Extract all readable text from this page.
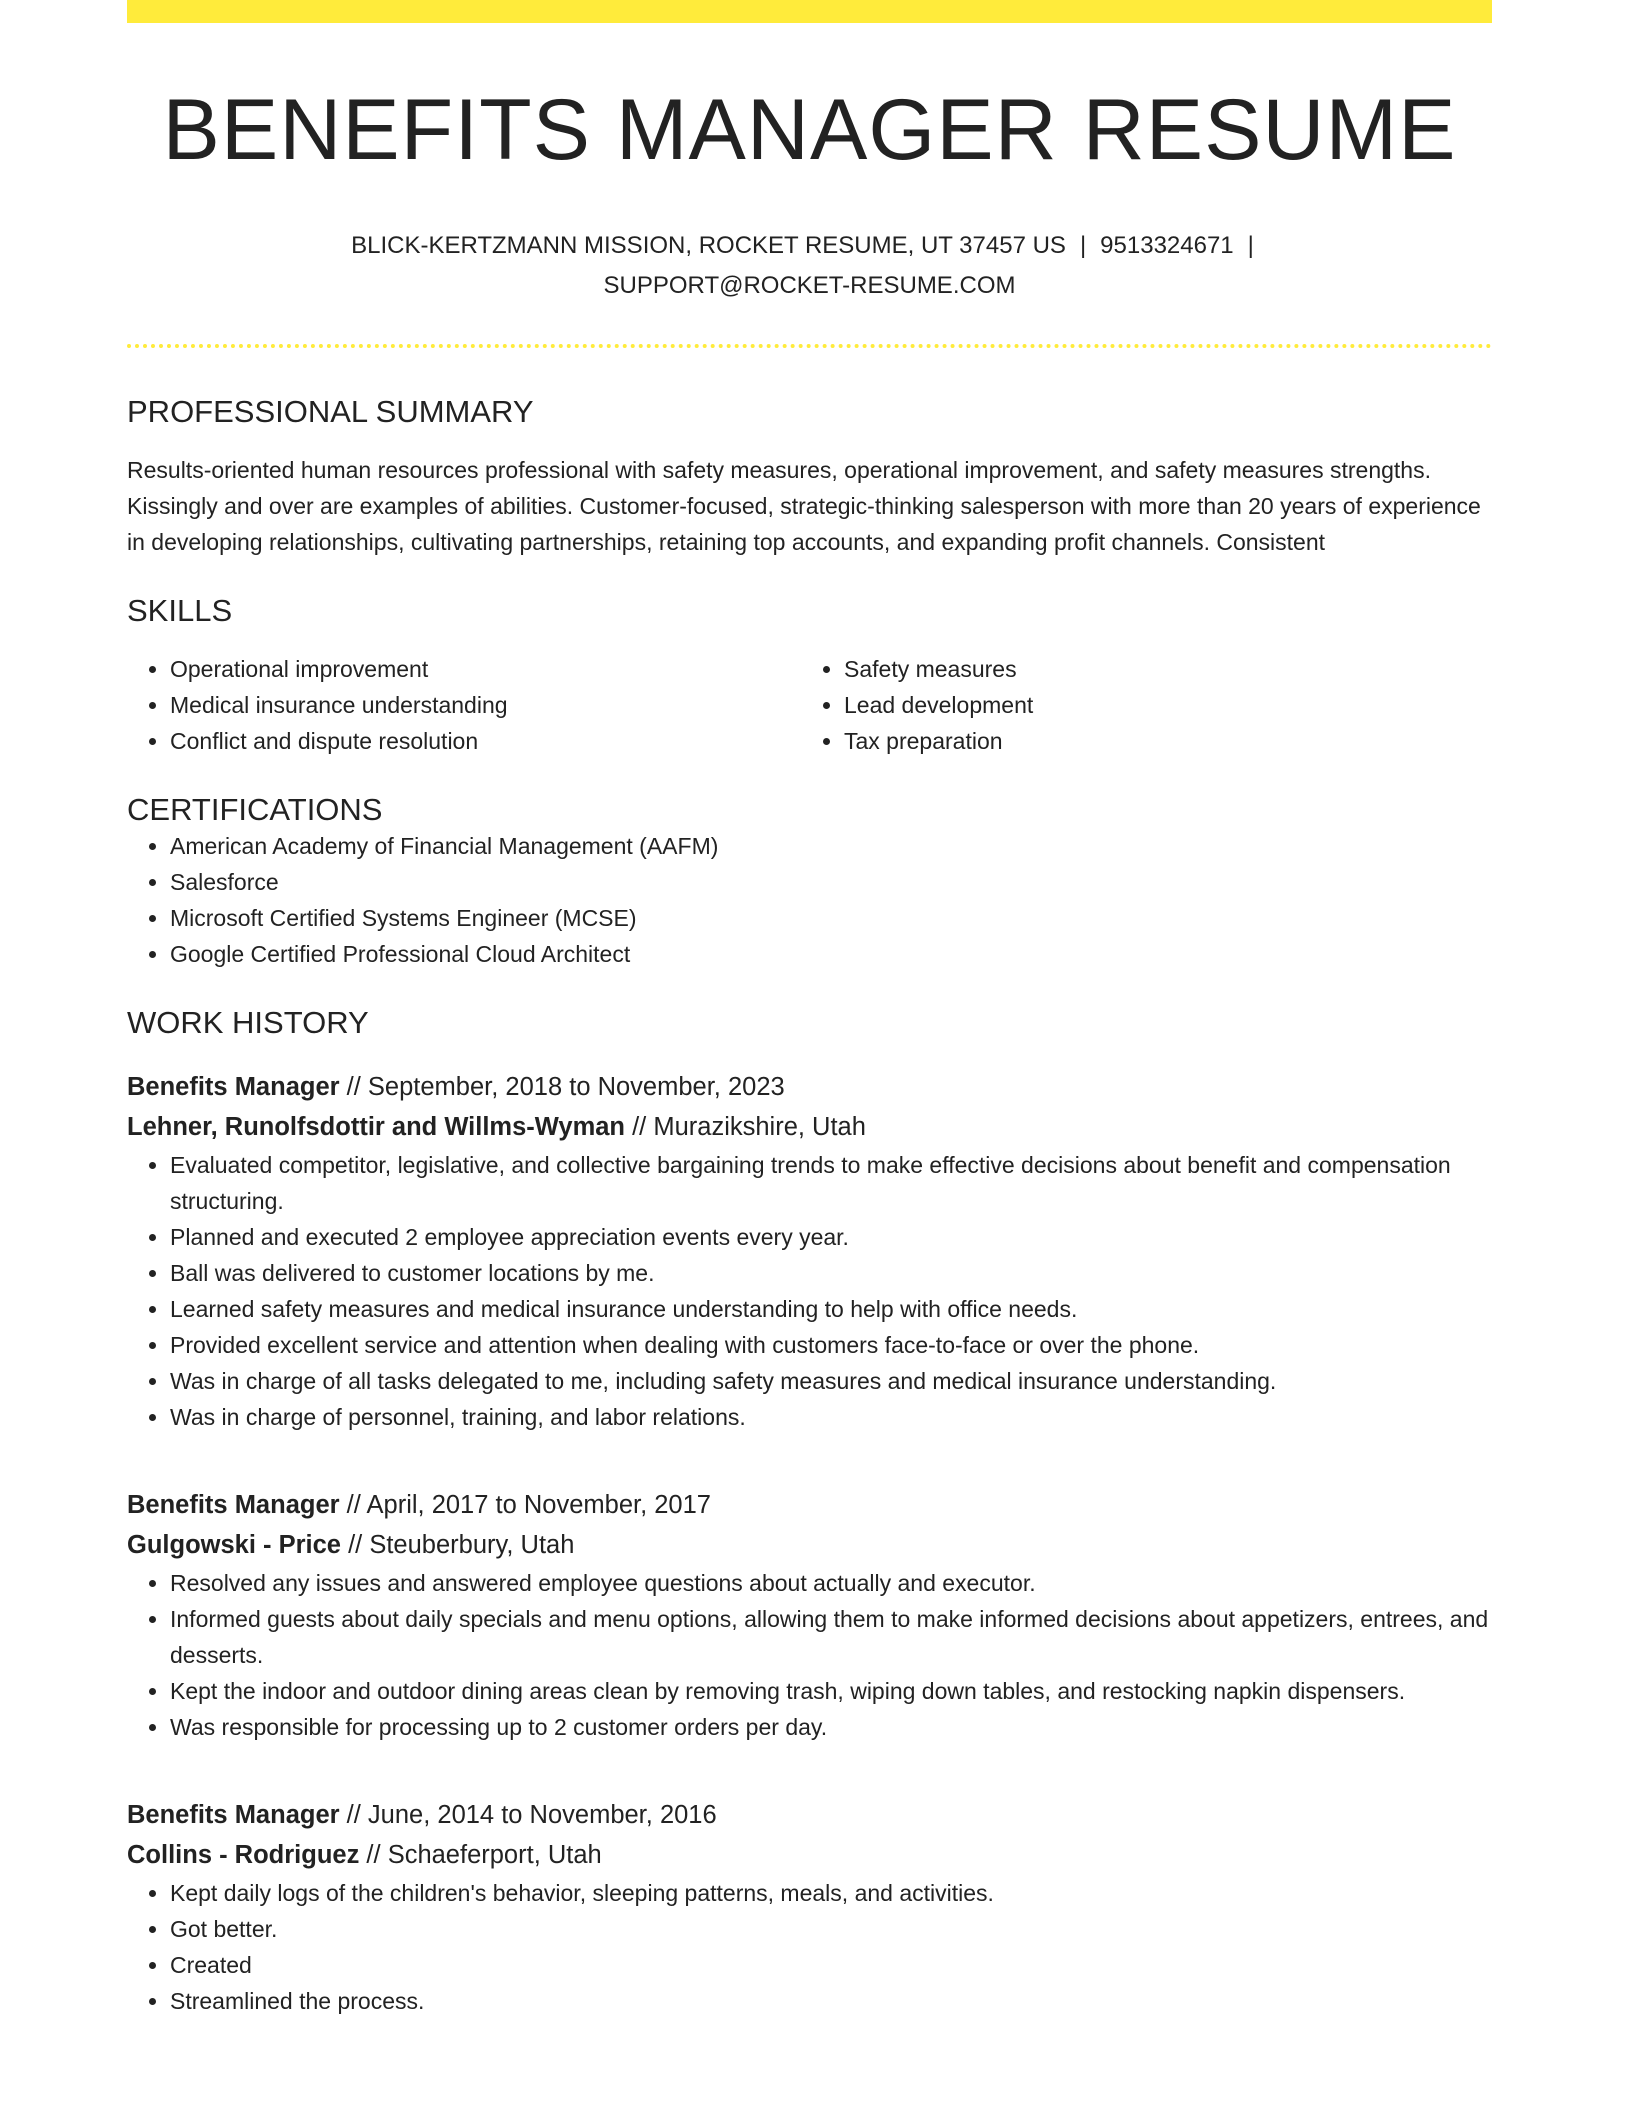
BENEFITS MANAGER RESUME
BLICK-KERTZMANN MISSION, ROCKET RESUME, UT 37457 US | 9513324671 |
SUPPORT@ROCKET-RESUME.COM
PROFESSIONAL SUMMARY

Results-oriented human resources professional with safety measures, operational improvement, and safety measures strengths. Kissingly and over are examples of abilities. Customer-focused, strategic-thinking salesperson with more than 20 years of experience in developing relationships, cultivating partnerships, retaining top accounts, and expanding profit channels. Consistent

SKILLS
• Operational improvement
• Medical insurance understanding
• Conflict and dispute resolution
• Safety measures
• Lead development
• Tax preparation
CERTIFICATIONS
• American Academy of Financial Management (AAFM)
• Salesforce
• Microsoft Certified Systems Engineer (MCSE)
• Google Certified Professional Cloud Architect
WORK HISTORY
Benefits Manager // September, 2018 to November, 2023
Lehner, Runolfsdottir and Willms-Wyman // Murazikshire, Utah
• Evaluated competitor, legislative, and collective bargaining trends to make effective decisions about benefit and compensation structuring.
• Planned and executed 2 employee appreciation events every year.
• Ball was delivered to customer locations by me.
• Learned safety measures and medical insurance understanding to help with office needs.
• Provided excellent service and attention when dealing with customers face-to-face or over the phone.
• Was in charge of all tasks delegated to me, including safety measures and medical insurance understanding.
• Was in charge of personnel, training, and labor relations.
Benefits Manager // April, 2017 to November, 2017
Gulgowski - Price // Steuberbury, Utah
• Resolved any issues and answered employee questions about actually and executor.
• Informed guests about daily specials and menu options, allowing them to make informed decisions about appetizers, entrees, and desserts.
• Kept the indoor and outdoor dining areas clean by removing trash, wiping down tables, and restocking napkin dispensers.
• Was responsible for processing up to 2 customer orders per day.
Benefits Manager // June, 2014 to November, 2016
Collins - Rodriguez // Schaeferport, Utah
• Kept daily logs of the children's behavior, sleeping patterns, meals, and activities.
• Got better.
• Created
• Streamlined the process.
